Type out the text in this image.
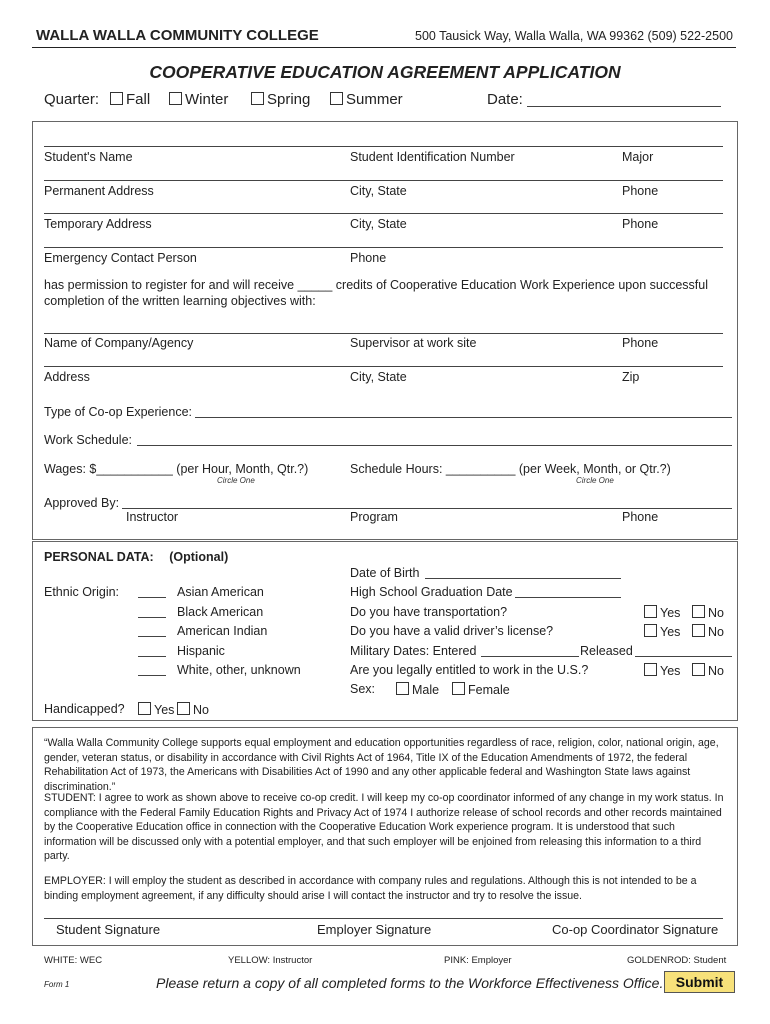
WALLA WALLA COMMUNITY COLLEGE	500 Tausick Way, Walla Walla, WA 99362 (509) 522-2500
COOPERATIVE EDUCATION AGREEMENT APPLICATION
Quarter:	Fall	Winter	Spring	Summer	Date:
Student's Name	Student Identification Number	Major
Permanent Address	City, State	Phone
Temporary Address	City, State	Phone
Emergency Contact Person	Phone
has permission to register for and will receive _____ credits of Cooperative Education Work Experience upon successful
completion of the written learning objectives with:
Name of Company/Agency	Supervisor at work site	Phone
Address	City, State	Zip
Type of Co-op Experience:
Work Schedule:
Wages: $___________ (per Hour, Month, Qtr.?)
Circle One
Schedule Hours: __________ (per Week, Month, or Qtr.?)
Circle One
Approved By:
Instructor	Program	Phone
PERSONAL DATA: (Optional)
Date of Birth
Ethnic Origin:	Asian American
Black American
American Indian
Hispanic
White, other, unknown
High School Graduation Date
Do you have transportation?	Yes	No
Do you have a valid driver’s license?	Yes	No
Military Dates: Entered	Released
Are you legally entitled to work in the U.S.?	Yes	No
Sex:	Male	Female
Handicapped?	Yes	No
“Walla Walla Community College supports equal employment and education opportunities regardless of race, religion, color, national origin, age, gender, veteran status, or disability in accordance with Civil Rights Act of 1964, Title IX of the Education Amendments of 1972, the federal Rehabilitation Act of 1973, the Americans with Disabilities Act of 1990 and any other applicable federal and Washington State laws against discrimination.”
STUDENT: I agree to work as shown above to receive co-op credit. I will keep my co-op coordinator informed of any change in my work status. In compliance with the Federal Family Education Rights and Privacy Act of 1974 I authorize release of school records and other records maintained by the Cooperative Education office in connection with the Cooperative Education Work experience program. It is understood that such information will be discussed only with a potential employer, and that such employer will be enjoined from releasing this information to a third party.
EMPLOYER: I will employ the student as described in accordance with company rules and regulations. Although this is not intended to be a binding employment agreement, if any difficulty should arise I will contact the instructor and try to resolve the issue.
Student Signature	Employer Signature	Co-op Coordinator Signature
WHITE: WEC	YELLOW: Instructor	PINK: Employer	GOLDENROD: Student
Form 1	Please return a copy of all completed forms to the Workforce Effectiveness Office. Submit
